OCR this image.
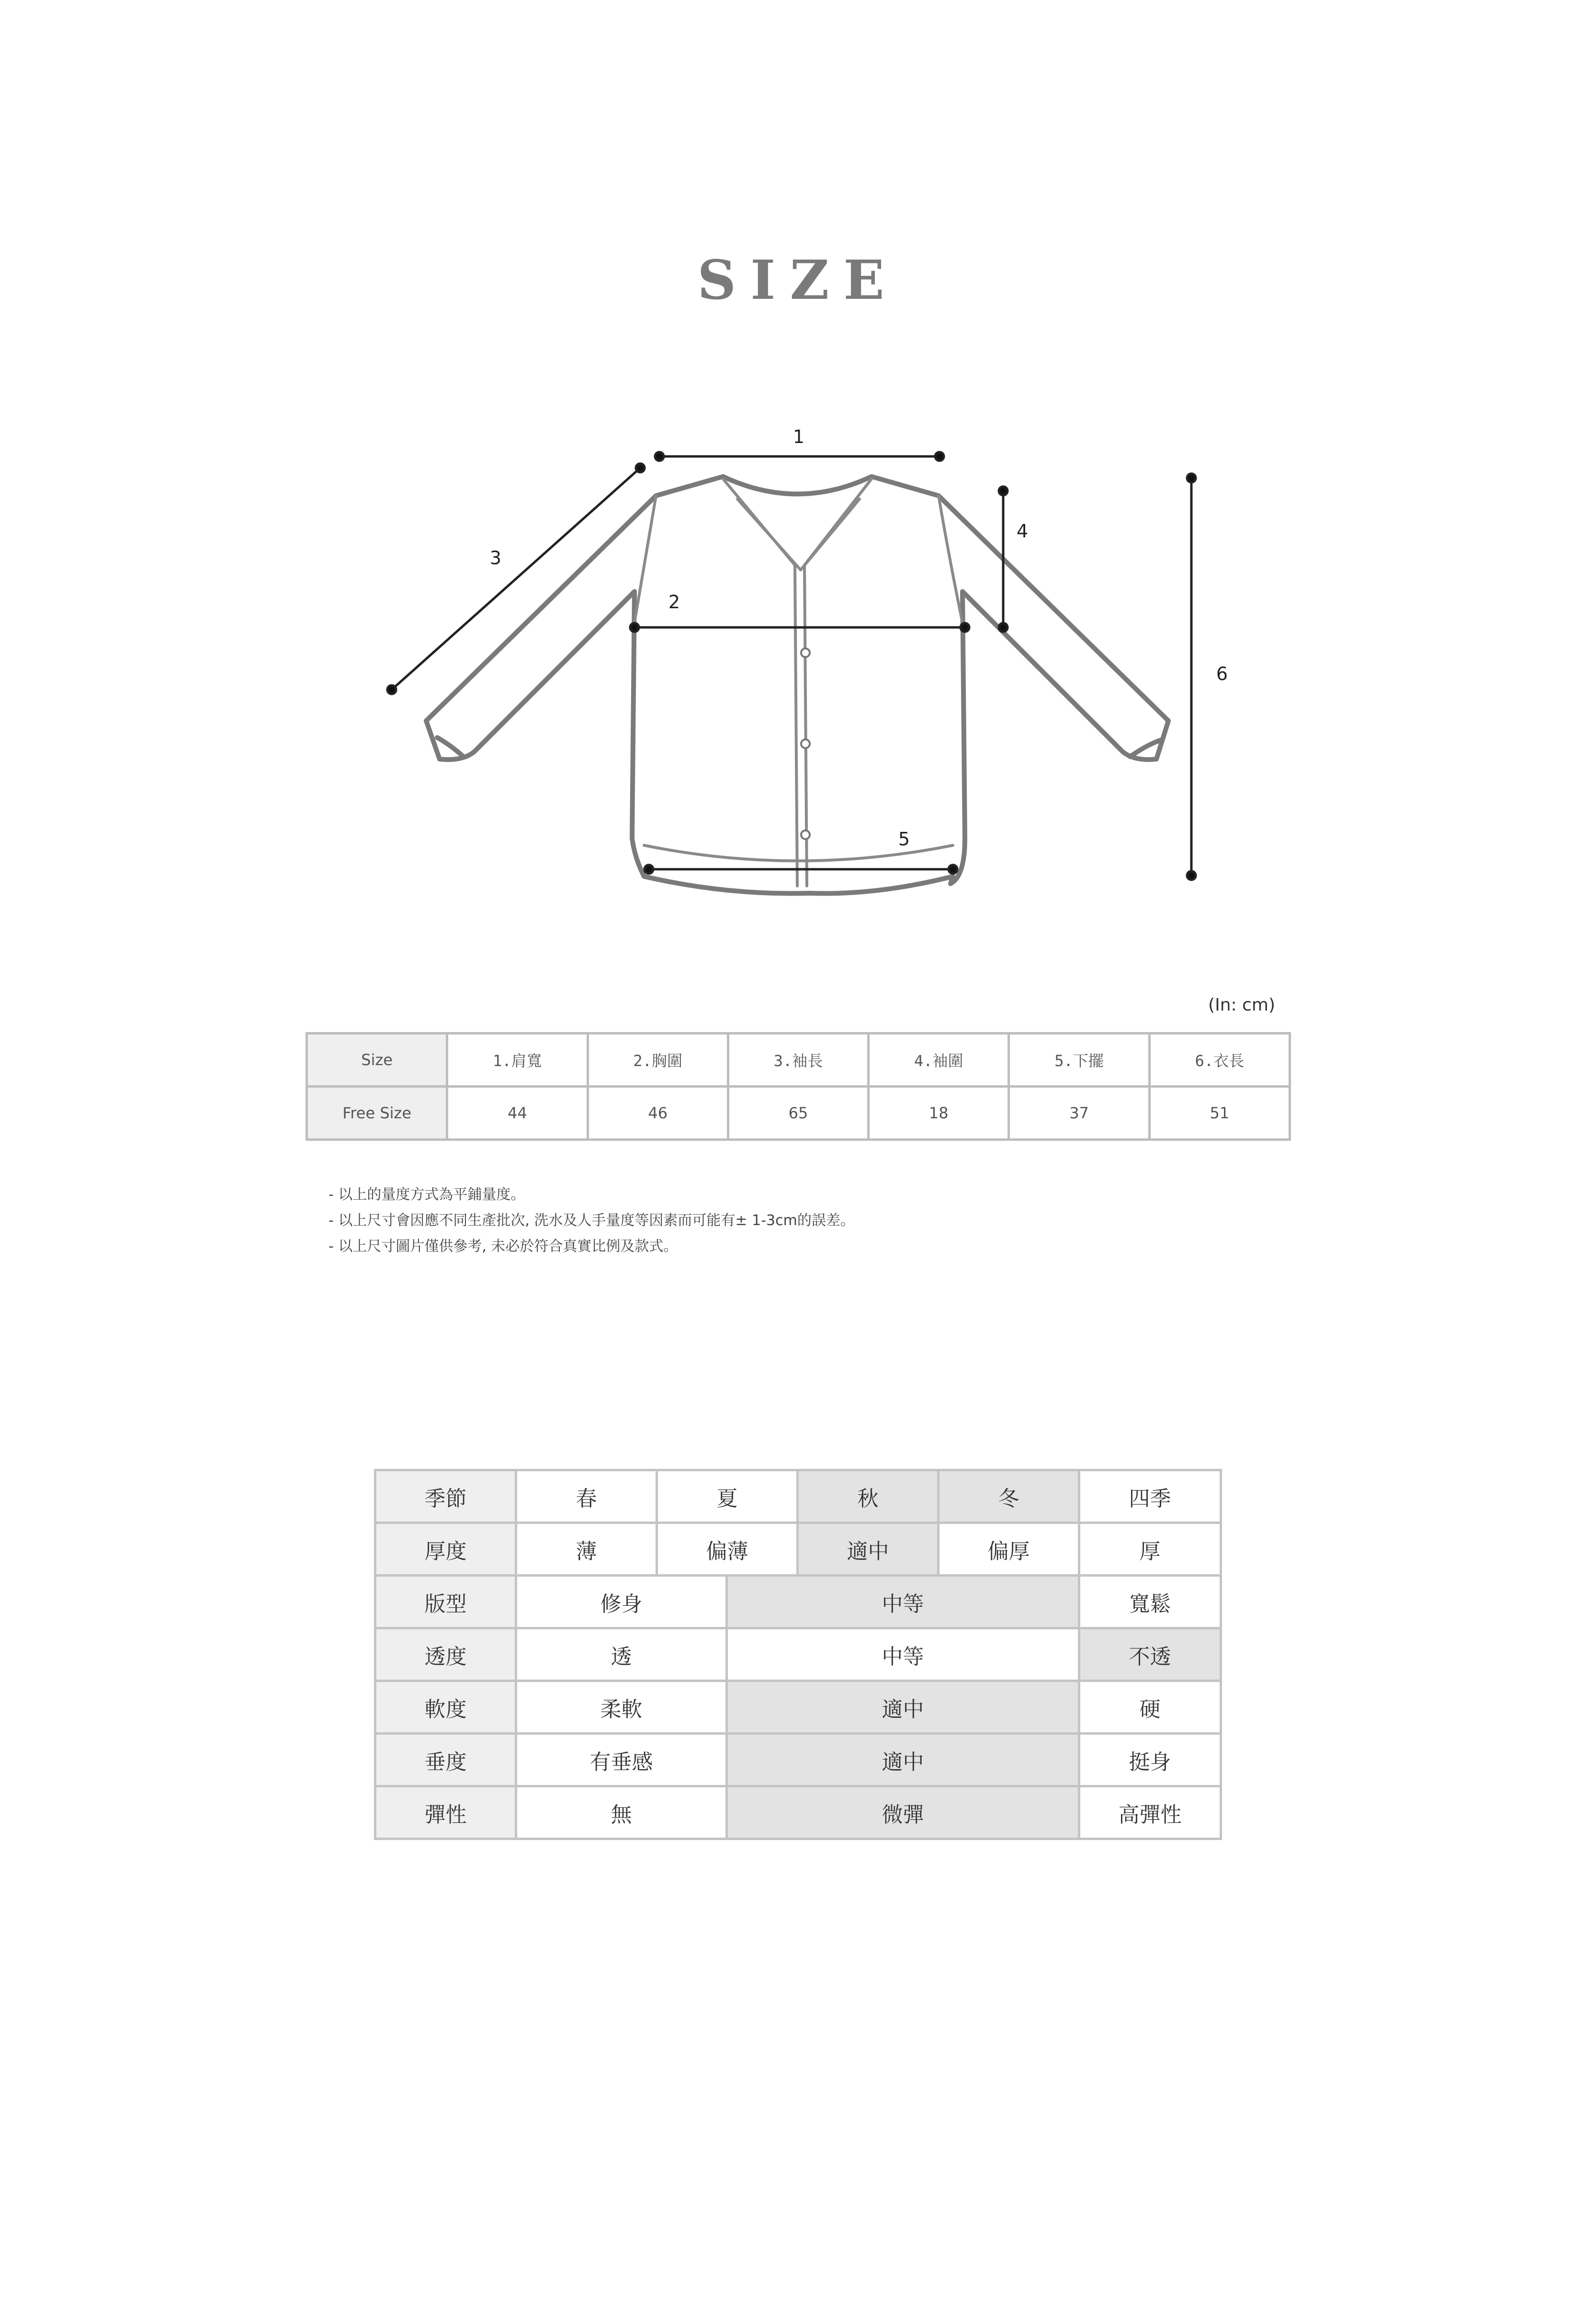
SIZE
1
2
3
4
5
6
(In: cm)
Size	1.肩寬	2.胸圍	3.袖長	4.袖圍	5.下擺	6.衣長
Free Size	44	46	65	18	37	51
- 以上的量度方式為平鋪量度。
- 以上尺寸會因應不同生產批次, 洗水及人手量度等因素而可能有± 1-3cm的誤差。
- 以上尺寸圖片僅供參考, 未必於符合真實比例及款式。
季節	春	夏		秋	冬	四季
厚度	薄	偏薄		適中	偏厚	厚
版型	修身		中等			寬鬆
透度	透		中等			不透
軟度	柔軟		適中			硬
垂度	有垂感		適中			挺身
彈性	無		微彈			高彈性
